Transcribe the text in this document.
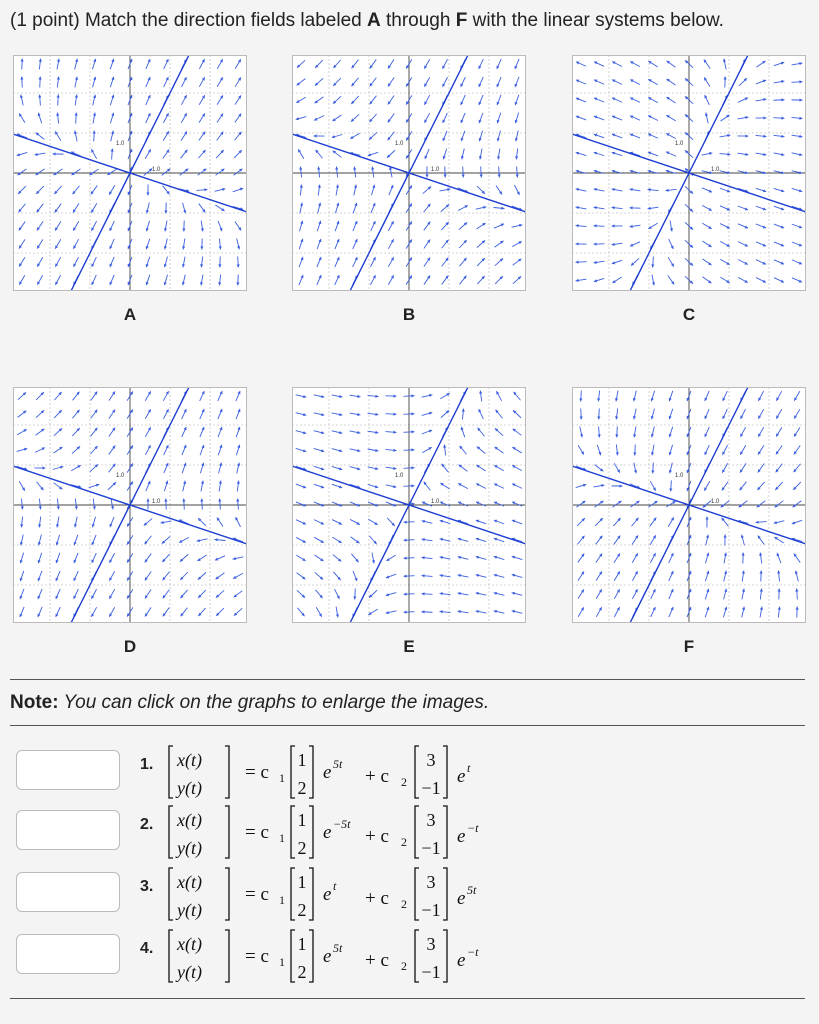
(1 point) Match the direction fields labeled A through F with the linear systems below.
1.0
1.0
A
1.0
1.0
B
1.0
1.0
C
1.0
1.0
D
1.0
1.0
E
1.0
1.0
F
Note: You can click on the graphs to enlarge the images.
1. x(t)
y(t)
= c 1
1
2
e 5t
+ c 2
3
−1
e t
2. x(t)
y(t)
= c 1
1
2
e −5t
+ c 2
3
−1
e −t
3. x(t)
y(t)
= c 1
1
2
e t
+ c 2
3
−1
e 5t
4. x(t)
y(t)
= c 1
1
2
e 5t
+ c 2
3
−1
e −t
